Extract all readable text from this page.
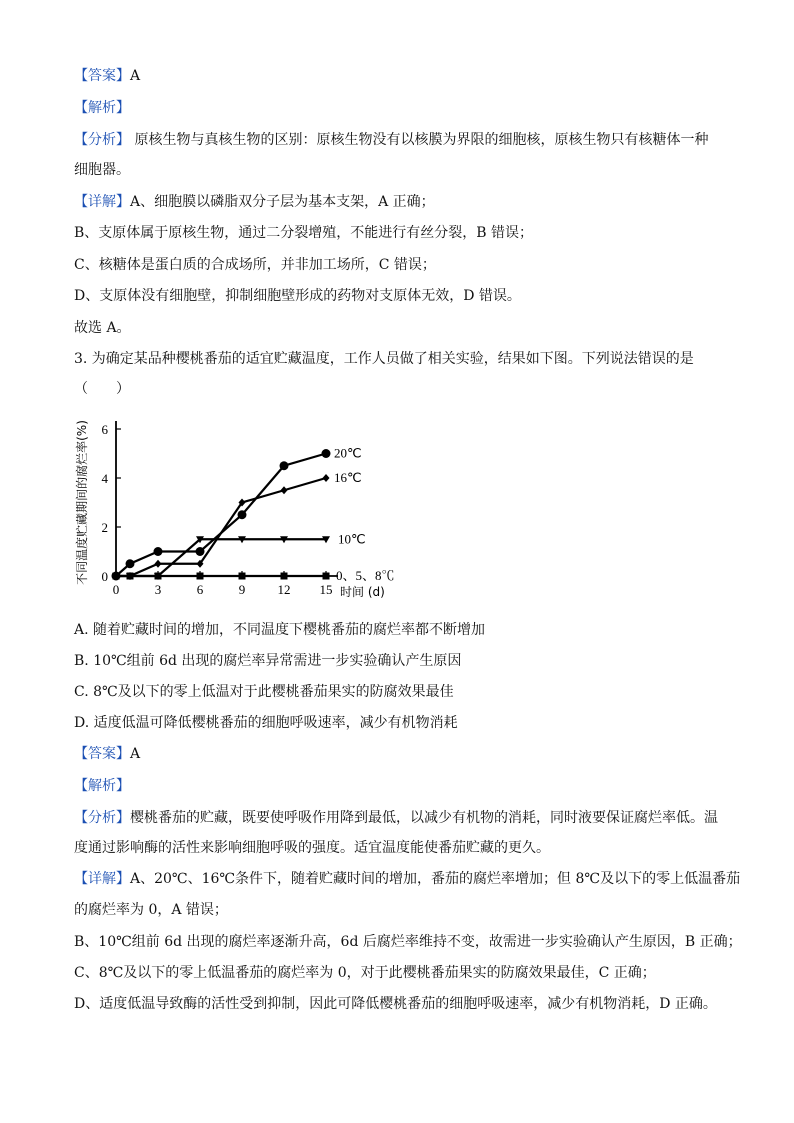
【答案】A
【解析】
【分析】 原核生物与真核生物的区别：原核生物没有以核膜为界限的细胞核，原核生物只有核糖体一种
细胞器。
【详解】A、细胞膜以磷脂双分子层为基本支架，A 正确；
B、支原体属于原核生物，通过二分裂增殖，不能进行有丝分裂，B 错误；
C、核糖体是蛋白质的合成场所，并非加工场所，C 错误；
D、支原体没有细胞壁，抑制细胞壁形成的药物对支原体无效，D 错误。
故选 A。
3. 为确定某品种樱桃番茄的适宜贮藏温度，工作人员做了相关实验，结果如下图。下列说法错误的是
（　　）
0	3	6	9 12 15
0
2
4
6
时间 (d)
不同温度贮藏期间的腐烂率(%)	20℃
16℃
10℃
0、5、8℃
A. 随着贮藏时间的增加，不同温度下樱桃番茄的腐烂率都不断增加
B. 10℃组前 6d 出现的腐烂率异常需进一步实验确认产生原因
C. 8℃及以下的零上低温对于此樱桃番茄果实的防腐效果最佳
D. 适度低温可降低樱桃番茄的细胞呼吸速率，减少有机物消耗
【答案】A
【解析】
【分析】樱桃番茄的贮藏，既要使呼吸作用降到最低，以减少有机物的消耗，同时液要保证腐烂率低。温
度通过影响酶的活性来影响细胞呼吸的强度。适宜温度能使番茄贮藏的更久。
【详解】A、20℃、16℃条件下，随着贮藏时间的增加，番茄的腐烂率增加；但 8℃及以下的零上低温番茄
的腐烂率为 0，A 错误；
B、10℃组前 6d 出现的腐烂率逐渐升高，6d 后腐烂率维持不变，故需进一步实验确认产生原因，B 正确；
C、8℃及以下的零上低温番茄的腐烂率为 0，对于此樱桃番茄果实的防腐效果最佳，C 正确；
D、适度低温导致酶的活性受到抑制，因此可降低樱桃番茄的细胞呼吸速率，减少有机物消耗，D 正确。
